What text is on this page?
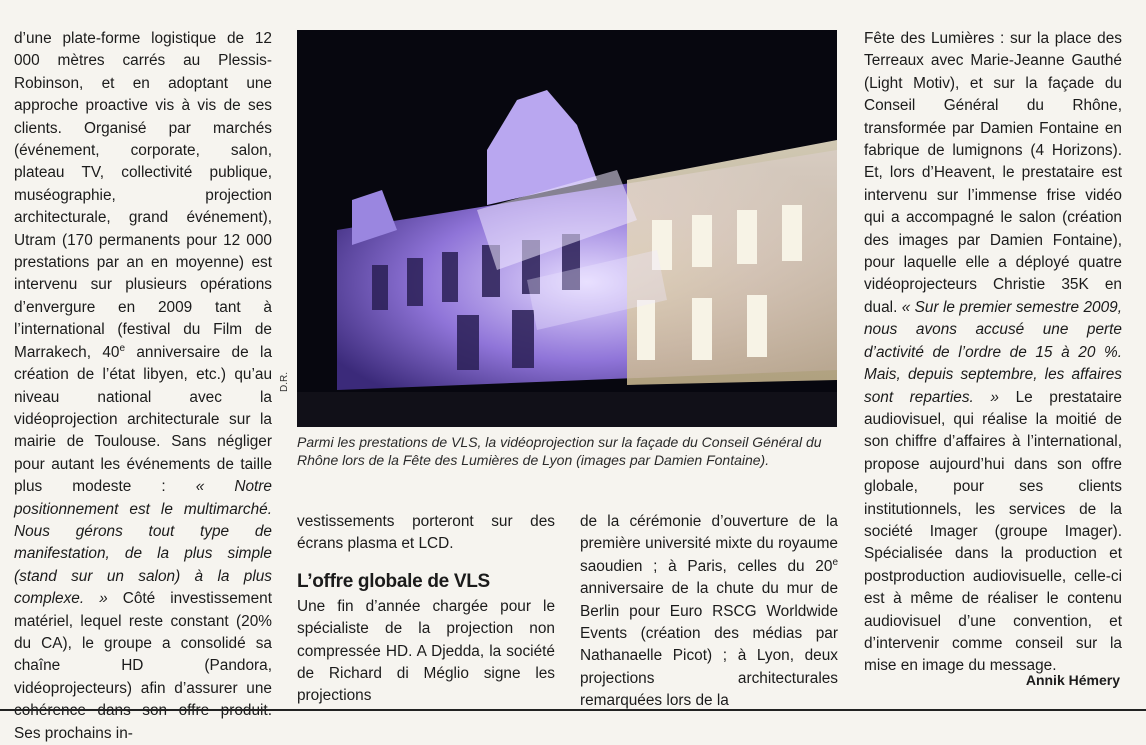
d’une plate-forme logistique de 12 000 mètres carrés au Plessis-Robinson, et en adoptant une approche proactive vis à vis de ses clients. Organisé par marchés (événement, corporate, salon, plateau TV, collectivité publique, muséographie, projection architecturale, grand événement), Utram (170 permanents pour 12 000 prestations par an en moyenne) est intervenu sur plusieurs opérations d’envergure en 2009 tant à l’international (festival du Film de Marrakech, 40e anniversaire de la création de l’état libyen, etc.) qu’au niveau national avec la vidéoprojection architecturale sur la mairie de Toulouse. Sans négliger pour autant les événements de taille plus modeste : « Notre positionnement est le multimarché. Nous gérons tout type de manifestation, de la plus simple (stand sur un salon) à la plus complexe. » Côté investissement matériel, lequel reste constant (20% du CA), le groupe a consolidé sa chaîne HD (Pandora, vidéoprojecteurs) afin d’assurer une Ses prochains in-

D.R.
Parmi les prestations de VLS, la vidéoprojection sur la façade du Conseil Général du Rhône lors de la Fête des Lumières de Lyon (images par Damien Fontaine).

vestissements porteront sur des écrans plasma et LCD.

L’offre globale de VLS

Une fin d’année chargée pour le spécialiste de la projection non compressée HD. A Djedda, la société de Richard di Méglio signe les projections

de la cérémonie d’ouverture de la première université mixte du royaume saoudien ; à Paris, celles du 20e anniversaire de la chute du mur de Berlin pour Euro RSCG Worldwide Events (création des médias par Nathanaelle Picot) ; à Lyon, deux projections architecturales remarquées lors de la

Fête des Lumières : sur la place des Terreaux avec Marie-Jeanne Gauthé (Light Motiv), et sur la façade du Conseil Général du Rhône, transformée par Damien Fontaine en fabrique de lumignons (4 Horizons). Et, lors d’Heavent, le prestataire est intervenu sur l’immense frise vidéo qui a accompagné le salon (création des images par Damien Fontaine), pour laquelle elle a déployé quatre vidéoprojecteurs Christie 35K en dual. « Sur le premier semestre 2009, nous avons accusé une perte d’activité de l’ordre de 15 à 20 %. Mais, depuis septembre, les affaires sont reparties. » Le prestataire audiovisuel, qui réalise la moitié de son chiffre d’affaires à l’international, propose aujourd’hui dans son offre globale, pour ses clients institutionnels, les services de la société Imager (groupe Imager). Spécialisée dans la production et postproduction audiovisuelle, celle-ci est à même de réaliser le contenu audiovisuel d’une convention, et d’intervenir comme conseil sur la mise en image du message.

Annik Hémery
